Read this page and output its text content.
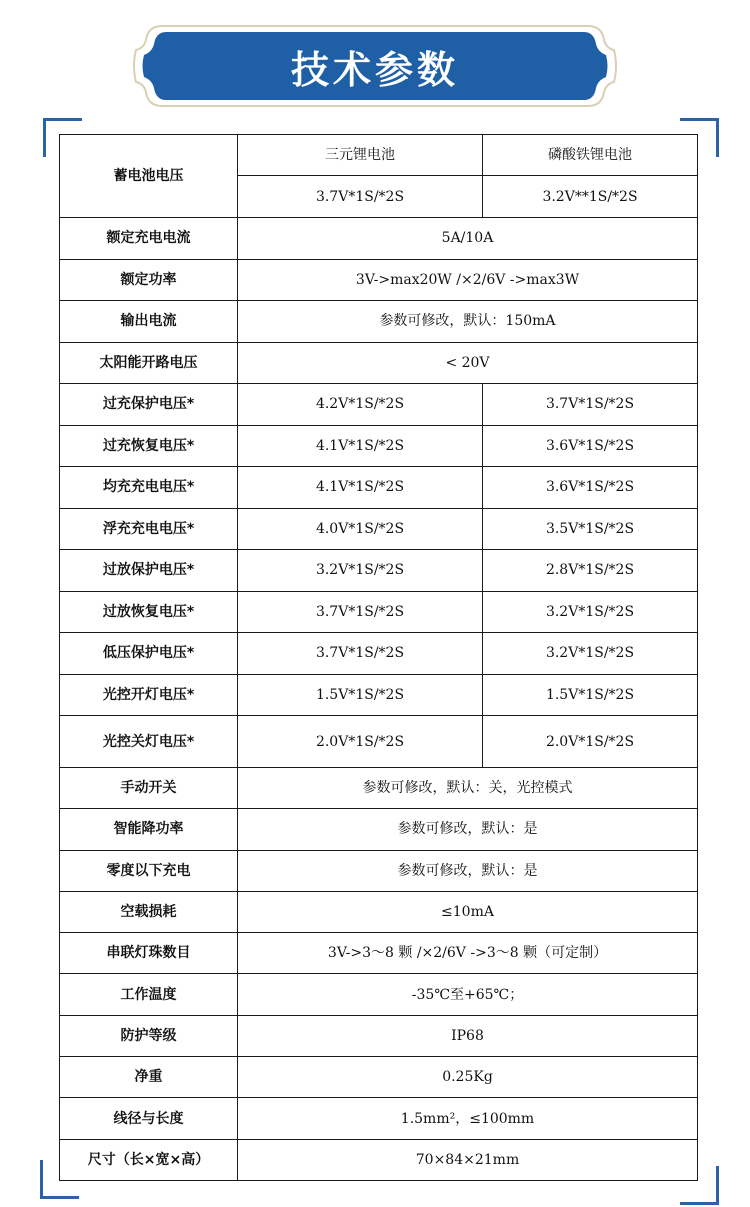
技术参数
蓄电池电压	三元锂电池	磷酸铁锂电池
	3.7V*1S/*2S	3.2V**1S/*2S
额定充电电流	5A/10A	
额定功率	3V->max20W /×2/6V ->max3W	
输出电流	参数可修改，默认：150mA	
太阳能开路电压	< 20V	
过充保护电压*	4.2V*1S/*2S	3.7V*1S/*2S
过充恢复电压*	4.1V*1S/*2S	3.6V*1S/*2S
均充充电电压*	4.1V*1S/*2S	3.6V*1S/*2S
浮充充电电压*	4.0V*1S/*2S	3.5V*1S/*2S
过放保护电压*	3.2V*1S/*2S	2.8V*1S/*2S
过放恢复电压*	3.7V*1S/*2S	3.2V*1S/*2S
低压保护电压*	3.7V*1S/*2S	3.2V*1S/*2S
光控开灯电压*	1.5V*1S/*2S	1.5V*1S/*2S
光控关灯电压*	2.0V*1S/*2S	2.0V*1S/*2S
手动开关	参数可修改，默认：关，光控模式	
智能降功率	参数可修改，默认：是	
零度以下充电	参数可修改，默认：是	
空载损耗	≤10mA	
串联灯珠数目	3V->3～8 颗 /×2/6V ->3～8 颗（可定制）	
工作温度	-35℃至+65℃；	
防护等级	IP68	
净重	0.25Kg	
线径与长度	1.5mm²，≤100mm	
尺寸（长×宽×高）	70×84×21mm	
